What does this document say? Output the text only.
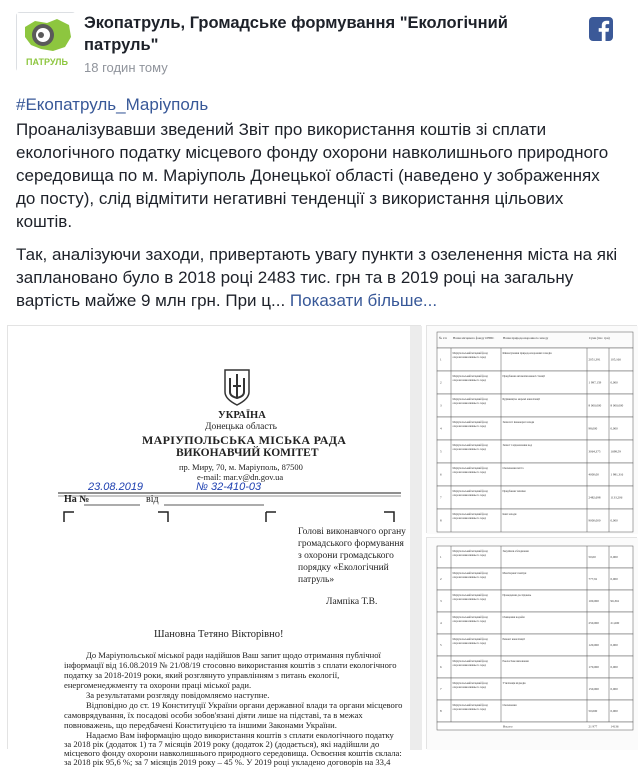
ПАТРУЛЬ
Экопатруль, Громадське формування "Екологічний патруль"
18 годин тому
#Екопатруль_Маріуполь

Проаналізувавши зведений Звіт про використання коштів зі сплати екологічного податку місцевого фонду охорони навколишнього природного середовища по м. Маріуполь Донецької області (наведено у зображеннях до посту), слід відмітити негативні тенденції з використання цільових коштів.

Так, аналізуючи заходи, привертають увагу пункти з озеленення міста на які заплановано було в 2018 році 2483 тис. грн та в 2019 році на загальну вартість майже 9 млн грн. При ц... Показати більше...

УКРАЇНА
Донецька область
МАРІУПОЛЬСЬКА МІСЬКА РАДА
ВИКОНАВЧИЙ КОМІТЕТ
пр. Миру, 70, м. Маріуполь, 87500
e-mail: mar.v@dn.gov.ua
23.08.2019	№ 32-410-03
На №	від
Голові виконавчого органу
громадського формування
з охорони громадського
порядку «Екологічний
патруль»
Лампіка Т.В.
Шановна Тетяно Вікторівно!
До Маріупольської міської ради надійшов Ваш запит щодо отримання публічної
інформації від 16.08.2019 № 21/08/19 стосовно використання коштів з сплати екологічного
податку за 2018-2019 роки, який розглянуто управлінням з питань екології,
енергоменеджменту та охорони праці міської ради.
За результатами розгляду повідомляємо наступне.
Відповідно до ст. 19 Конституції України органи державної влади та органи місцевого
самоврядування, їх посадові особи зобов'язані діяти лише на підставі, та в межах
повноважень, що передбачені Конституцією та іншими Законами України.
Надаємо Вам інформацію щодо використання коштів з сплати екологічного податку
за 2018 рік (додаток 1) та 7 місяців 2019 року (додаток 2) (додається), які надійшли до
місцевого фонду охорони навколишнього природного середовища. Освоєння коштів склала:
за 2018 рік 95,6 %; за 7 місяців 2019 року – 45 %. У 2019 році укладено договорів на 33,4
№ з/п Назва місцевого фонду ОНПС	Назва природоохоронного заходу	Сума (тис. грн)
1
Маріупольський місцевий фонд
охорони навколишнього серед
Фінансування природоохоронних заходів
2051,391	105,166
2
Маріупольський місцевий фонд
охорони навколишнього серед
Придбання автоматизованої станції
1 997,159	0,000
3
Маріупольський місцевий фонд
охорони навколишнього серед
Будівництво мережі каналізації
8 000,000	8 000,000
4
Маріупольський місцевий фонд
охорони навколишнього серед
Захисні і інженерні заходи
98,000	0,000
5
Маріупольський місцевий фонд
охорони навколишнього серед
Захист і відновлення вод
3064,375	1698,59
6
Маріупольський місцевий фонд
охорони навколишнього серед
Озеленення міста
4000,00	1 981,316
7
Маріупольський місцевий фонд
охорони навколишнього серед
Придбання техніки
2482,698	1133,206
8
Маріупольський місцевий фонд
охорони навколишнього серед
Інші заходи
9000,000	0,000
1
Маріупольський місцевий фонд
охорони навколишнього серед
Закупівля обладнання
50,00	0,000
2
Маріупольський місцевий фонд
охорони навколишнього серед
Моніторинг повітря
777,91	0,000
3
Маріупольський місцевий фонд
охорони навколишнього серед
Проведення досліджень
100,000	96,361
4
Маріупольський місцевий фонд
охорони навколишнього серед
Очищення водойм
250,000	21,600
5
Маріупольський місцевий фонд
охорони навколишнього серед
Ремонт каналізації
120,000	0,000
6
Маріупольський місцевий фонд
охорони навколишнього серед
Екологічне виховання
170,000	0,000
7
Маріупольський місцевий фонд
охорони навколишнього серед
Утилізація відходів
150,000	0,000
8
Маріупольський місцевий фонд
охорони навколишнього серед
Озеленення
50,000	0,000
Всього	21 977	14136
